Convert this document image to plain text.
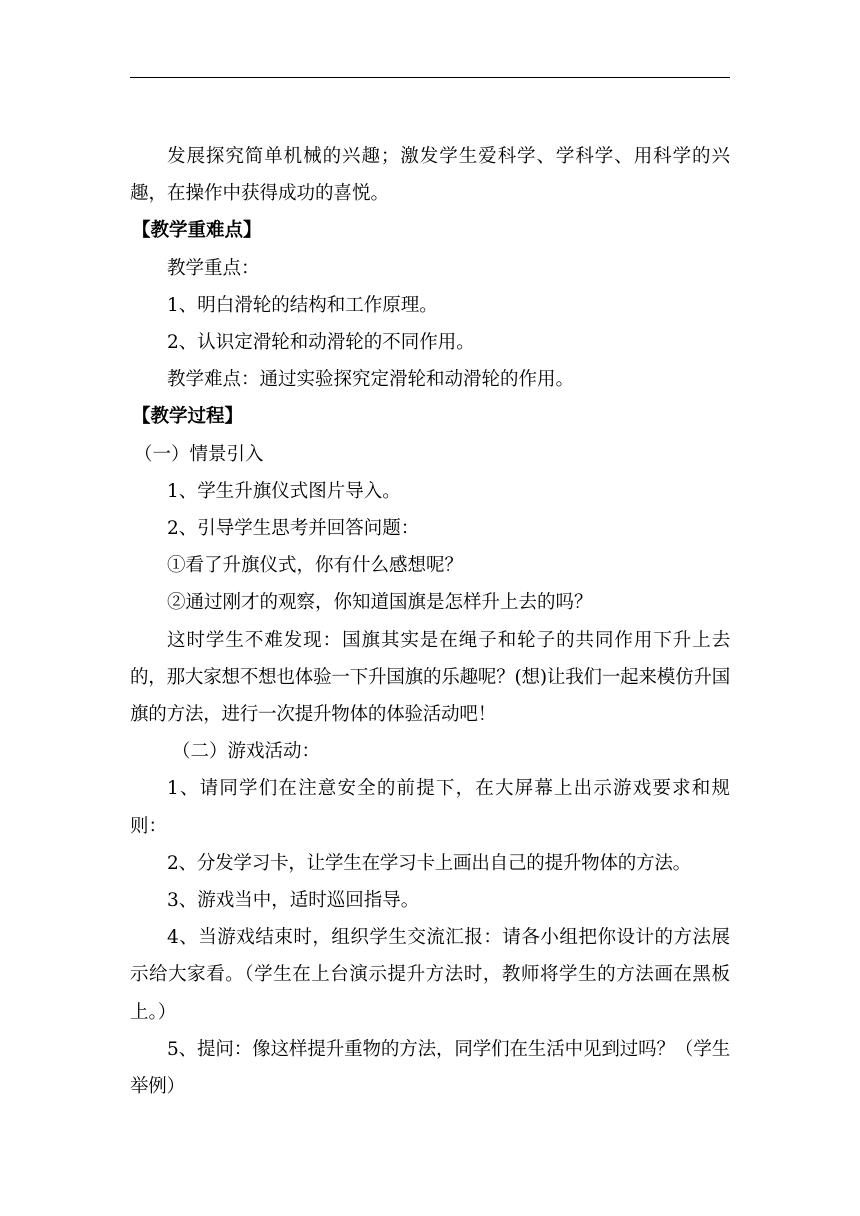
发展探究简单机械的兴趣；激发学生爱科学、学科学、用科学的兴趣，在操作中获得成功的喜悦。

【教学重难点】

教学重点：

1、明白滑轮的结构和工作原理。

2、认识定滑轮和动滑轮的不同作用。

教学难点：通过实验探究定滑轮和动滑轮的作用。

【教学过程】

（一）情景引入

1、学生升旗仪式图片导入。

2、引导学生思考并回答问题：

①看了升旗仪式，你有什么感想呢？

②通过刚才的观察，你知道国旗是怎样升上去的吗？

这时学生不难发现：国旗其实是在绳子和轮子的共同作用下升上去的，那大家想不想也体验一下升国旗的乐趣呢？(想)让我们一起来模仿升国旗的方法，进行一次提升物体的体验活动吧！

（二）游戏活动：

1、请同学们在注意安全的前提下，在大屏幕上出示游戏要求和规则：

2、分发学习卡，让学生在学习卡上画出自己的提升物体的方法。

3、游戏当中，适时巡回指导。

4、当游戏结束时，组织学生交流汇报：请各小组把你设计的方法展示给大家看。（学生在上台演示提升方法时，教师将学生的方法画在黑板上。）

5、提问：像这样提升重物的方法，同学们在生活中见到过吗？（学生举例）
